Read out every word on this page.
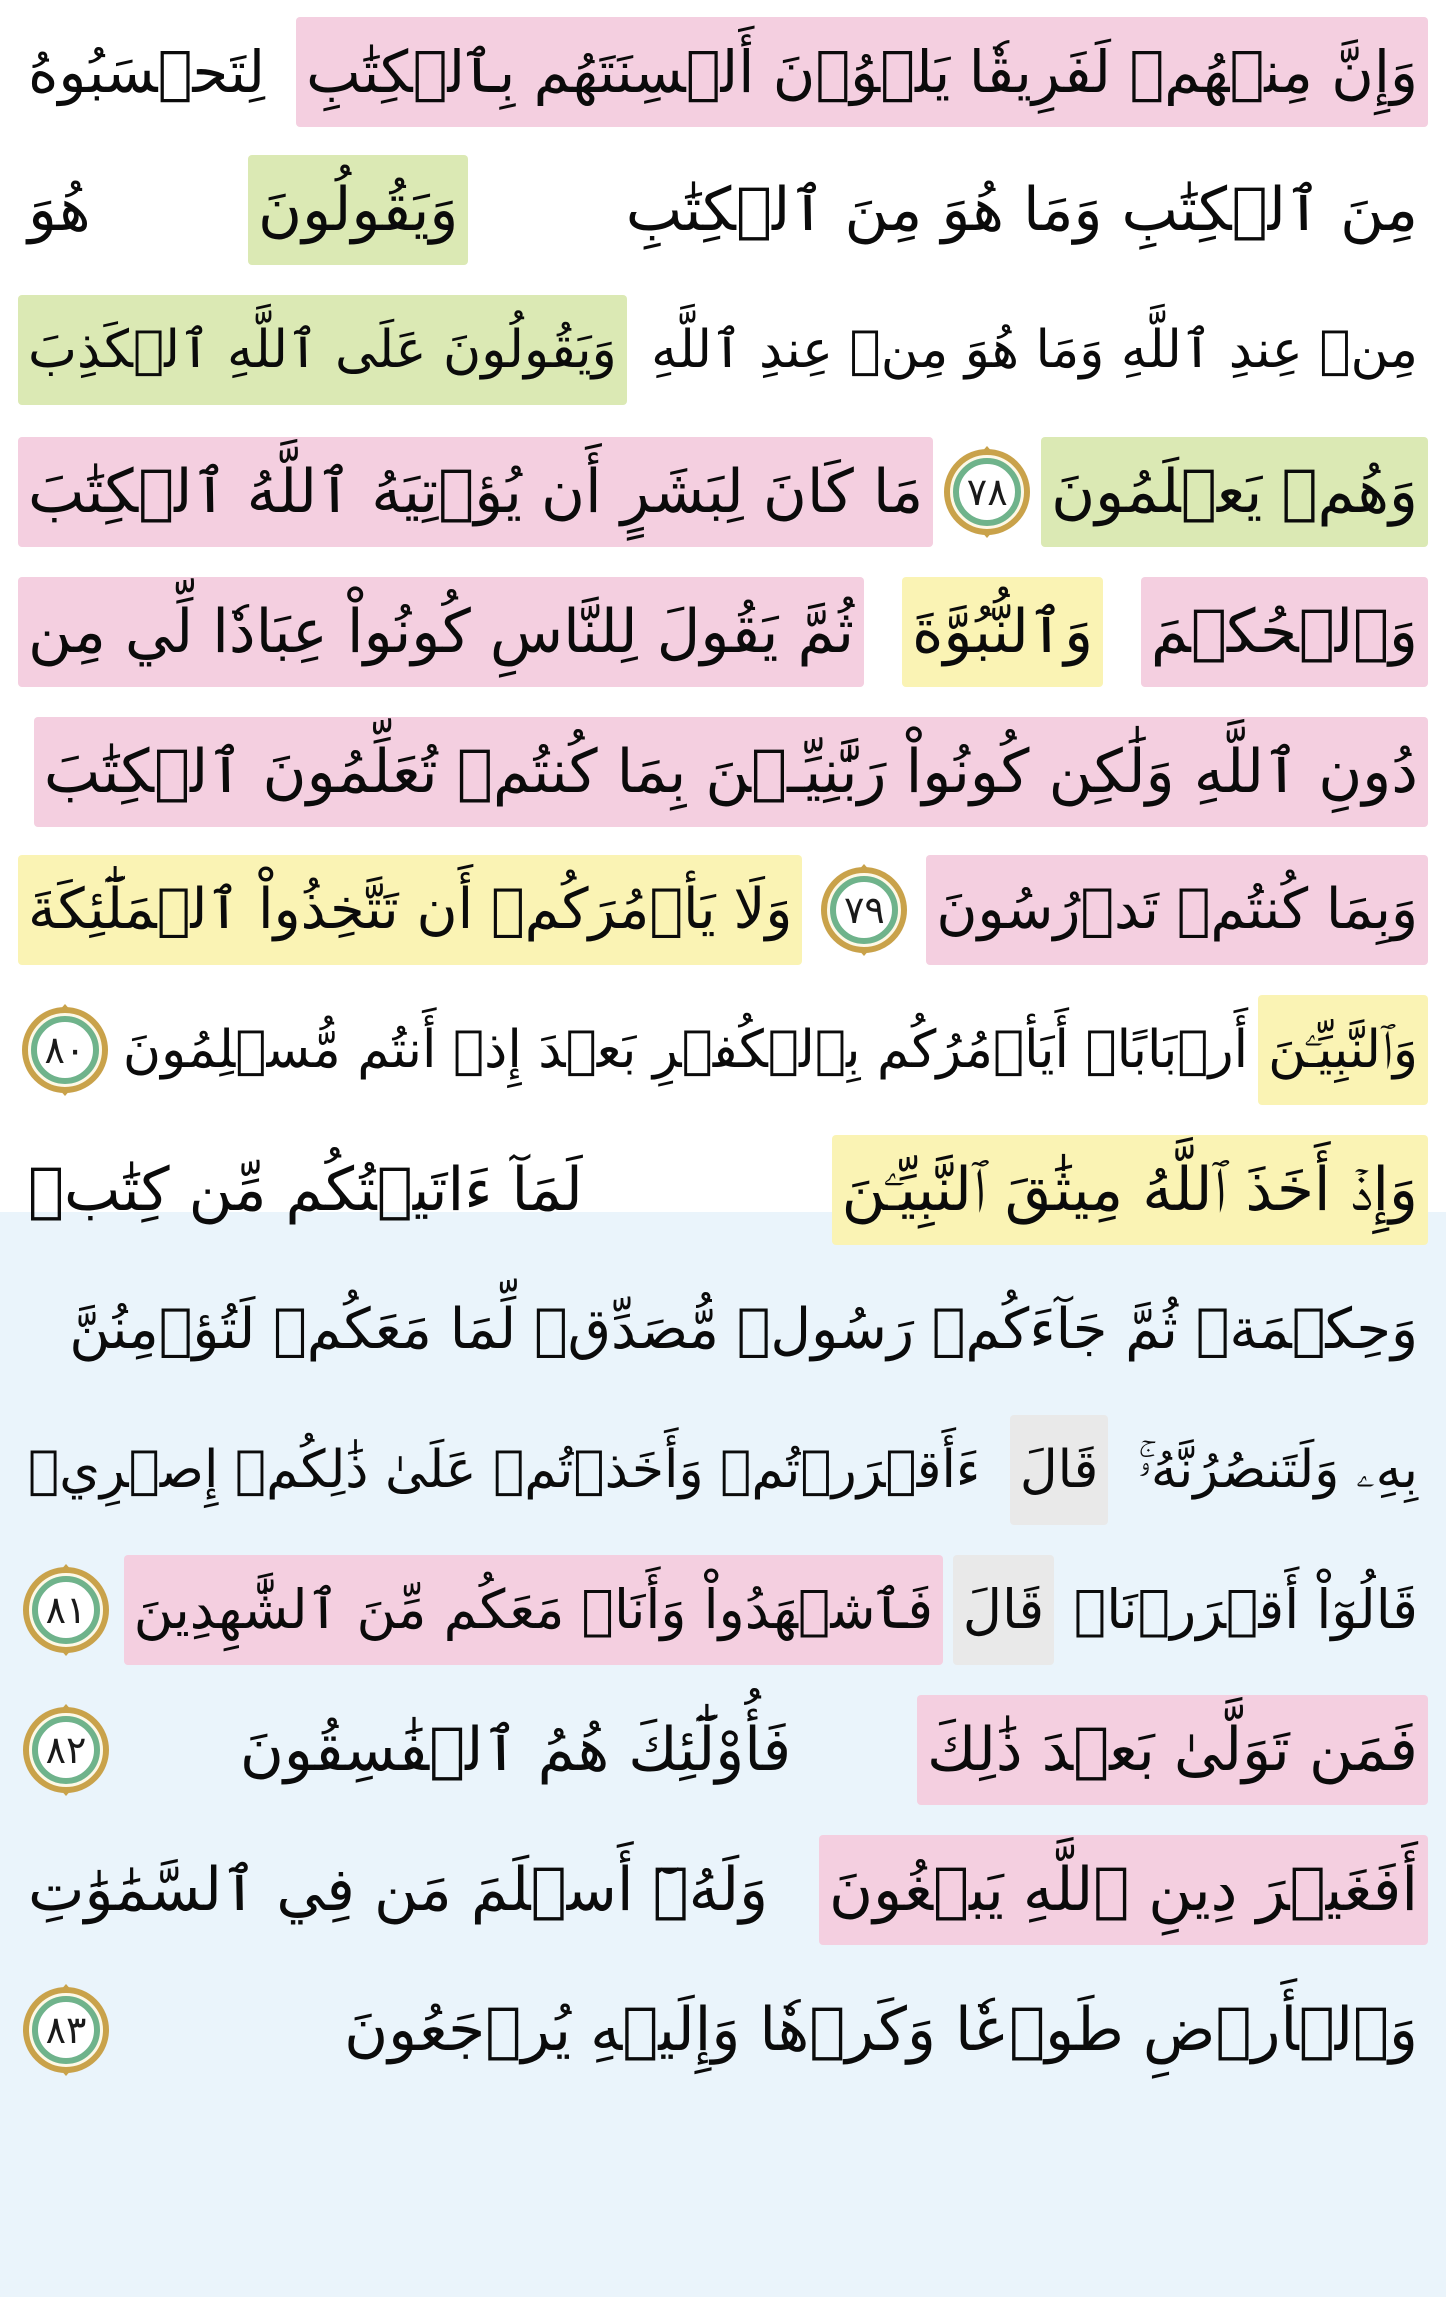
وَإِنَّ مِنۡهُمۡ لَفَرِيقٗا يَلۡوُۥنَ أَلۡسِنَتَهُم بِٱلۡكِتَٰبِ
لِتَحۡسَبُوهُ
مِنَ ٱلۡكِتَٰبِ وَمَا هُوَ مِنَ ٱلۡكِتَٰبِ
وَيَقُولُونَ
هُوَ
مِنۡ عِندِ ٱللَّهِ وَمَا هُوَ مِنۡ عِندِ ٱللَّهِ
وَيَقُولُونَ عَلَى ٱللَّهِ ٱلۡكَذِبَ
وَهُمۡ يَعۡلَمُونَ
٧٨
مَا كَانَ لِبَشَرٍ أَن يُؤۡتِيَهُ ٱللَّهُ ٱلۡكِتَٰبَ
وَٱلۡحُكۡمَ
وَٱلنُّبُوَّةَ
ثُمَّ يَقُولَ لِلنَّاسِ كُونُواْ عِبَادٗا لِّي مِن
دُونِ ٱللَّهِ وَلَٰكِن كُونُواْ رَبَّٰنِيِّـۧنَ بِمَا كُنتُمۡ تُعَلِّمُونَ ٱلۡكِتَٰبَ
وَبِمَا كُنتُمۡ تَدۡرُسُونَ
٧٩
وَلَا يَأۡمُرَكُمۡ أَن تَتَّخِذُواْ ٱلۡمَلَٰٓئِكَةَ
وَٱلنَّبِيِّـۧنَ
أَرۡبَابًاۗ أَيَأۡمُرُكُم بِٱلۡكُفۡرِ بَعۡدَ إِذۡ أَنتُم مُّسۡلِمُونَ
٨٠
وَإِذۡ أَخَذَ ٱللَّهُ مِيثَٰقَ ٱلنَّبِيِّـۧنَ
لَمَآ ءَاتَيۡتُكُم مِّن كِتَٰبٖ
وَحِكۡمَةٖ ثُمَّ جَآءَكُمۡ رَسُولٞ مُّصَدِّقٞ لِّمَا مَعَكُمۡ لَتُؤۡمِنُنَّ
بِهِۦ وَلَتَنصُرُنَّهُۥۚ
قَالَ
ءَأَقۡرَرۡتُمۡ وَأَخَذۡتُمۡ عَلَىٰ ذَٰلِكُمۡ إِصۡرِيۖ
قَالُوٓاْ أَقۡرَرۡنَاۚ
قَالَ
فَٱشۡهَدُواْ وَأَنَا۠ مَعَكُم مِّنَ ٱلشَّٰهِدِينَ
٨١
فَمَن تَوَلَّىٰ بَعۡدَ ذَٰلِكَ
فَأُوْلَٰٓئِكَ هُمُ ٱلۡفَٰسِقُونَ
٨٢
أَفَغَيۡرَ دِينِ ٱللَّهِ يَبۡغُونَ
وَلَهُۥٓ أَسۡلَمَ مَن فِي ٱلسَّمَٰوَٰتِ
وَٱلۡأَرۡضِ طَوۡعٗا وَكَرۡهٗا وَإِلَيۡهِ يُرۡجَعُونَ
٨٣
